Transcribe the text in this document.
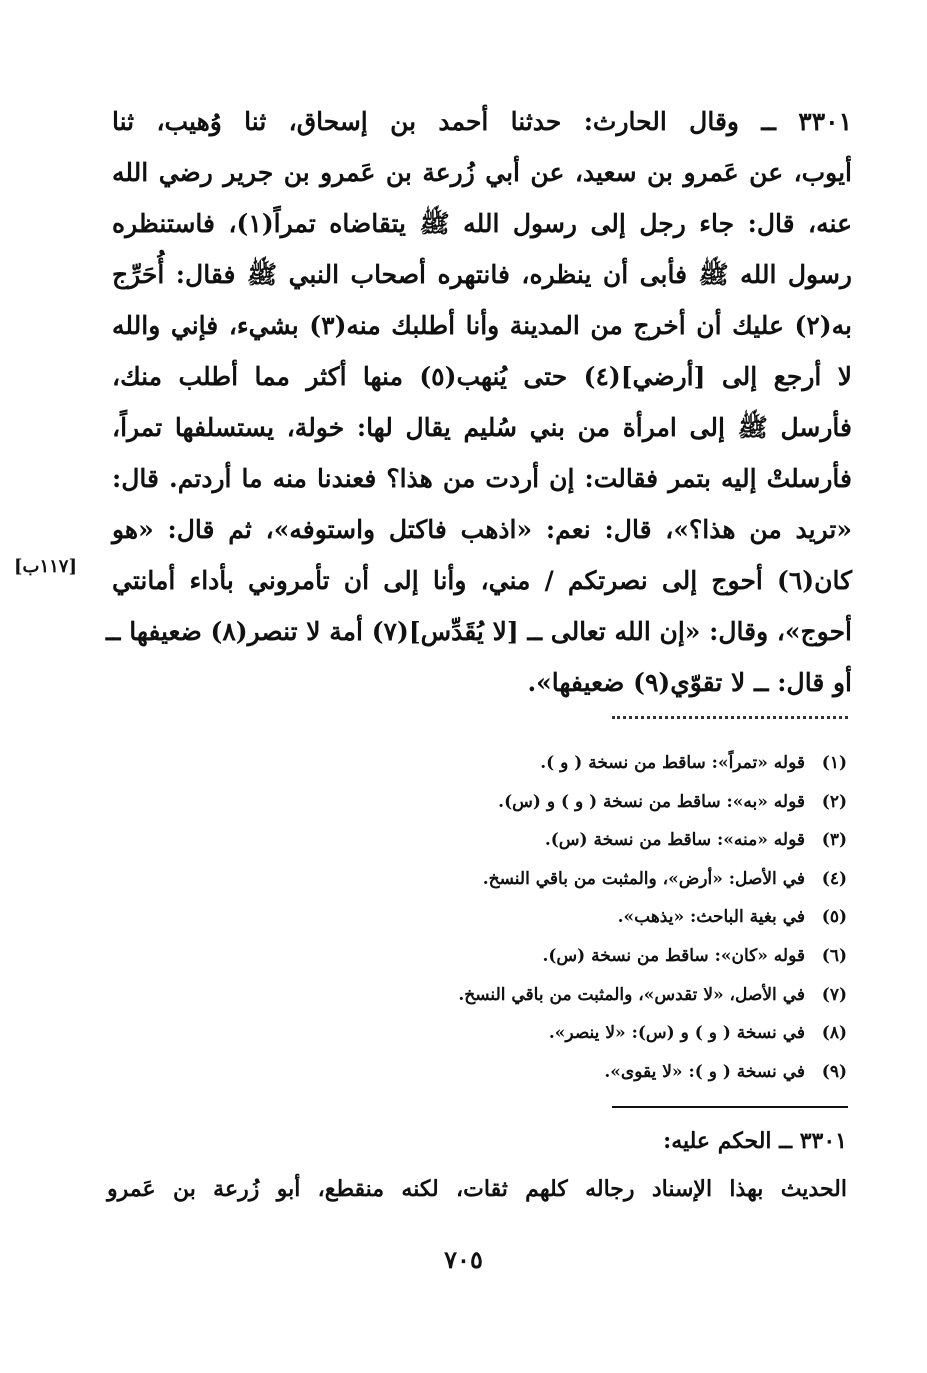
٣٣٠١ ــ وقال الحارث: حدثنا أحمد بن إسحاق، ثنا وُهيب، ثنا
أيوب، عن عَمرو بن سعيد، عن أبي زُرعة بن عَمرو بن جرير رضي الله
عنه، قال: جاء رجل إلى رسول الله ﷺ يتقاضاه تمراً(١)، فاستنظره
رسول الله ﷺ فأبى أن ينظره، فانتهره أصحاب النبي ﷺ فقال: أُحَرِّج
به(٢) عليك أن أخرج من المدينة وأنا أطلبك منه(٣) بشيء، فإني والله
لا أرجع إلى [أرضي](٤) حتى يُنهب(٥) منها أكثر مما أطلب منك،
فأرسل ﷺ إلى امرأة من بني سُليم يقال لها: خولة، يستسلفها تمراً،
فأرسلتْ إليه بتمر فقالت: إن أردت من هذا؟ فعندنا منه ما أردتم. قال:
«تريد من هذا؟»، قال: نعم: «اذهب فاكتل واستوفه»، ثم قال: «هو
كان(٦) أحوج إلى نصرتكم / مني، وأنا إلى أن تأمروني بأداء أمانتي
أحوج»، وقال: «إن الله تعالى ــ [لا يُقَدِّس](٧) أمة لا تنصر(٨) ضعيفها ــ
أو قال: ــ لا تقوّي(٩) ضعيفها».
[١١٧ب]
(١)قوله «تمراً»: ساقط من نسخة ( و ).
(٢)قوله «به»: ساقط من نسخة ( و ) و (س).
(٣)قوله «منه»: ساقط من نسخة (س).
(٤)في الأصل: «أرض»، والمثبت من باقي النسخ.
(٥)في بغية الباحث: «يذهب».
(٦)قوله «كان»: ساقط من نسخة (س).
(٧)في الأصل، «لا تقدس»، والمثبت من باقي النسخ.
(٨)في نسخة ( و ) و (س): «لا ينصر».
(٩)في نسخة ( و ): «لا يقوى».
٣٣٠١ ــ الحكم عليه:
الحديث بهذا الإسناد رجاله كلهم ثقات، لكنه منقطع، أبو زُرعة بن عَمرو
٧٠٥
